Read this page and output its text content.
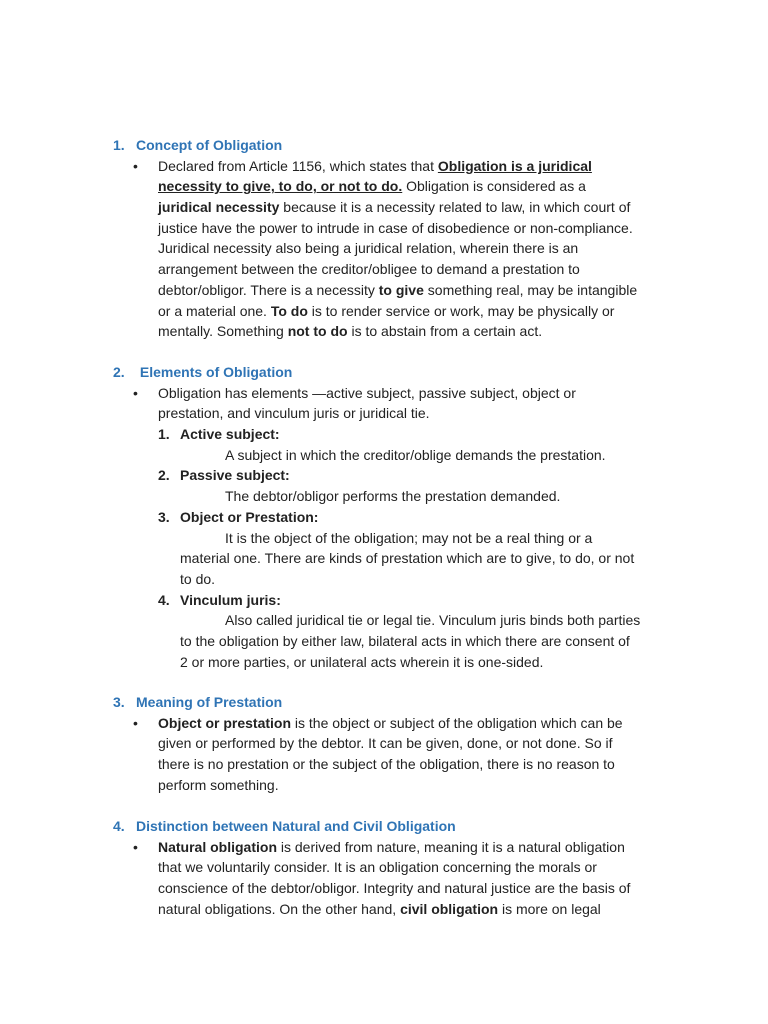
1. Concept of Obligation
• Declared from Article 1156, which states that Obligation is a juridical
necessity to give, to do, or not to do. Obligation is considered as a
juridical necessity because it is a necessity related to law, in which court of
justice have the power to intrude in case of disobedience or non-compliance.
Juridical necessity also being a juridical relation, wherein there is an
arrangement between the creditor/obligee to demand a prestation to
debtor/obligor. There is a necessity to give something real, may be intangible
or a material one. To do is to render service or work, may be physically or
mentally. Something not to do is to abstain from a certain act.
2. Elements of Obligation
• Obligation has elements —active subject, passive subject, object or
prestation, and vinculum juris or juridical tie.
1. Active subject:
A subject in which the creditor/oblige demands the prestation.
2. Passive subject:
The debtor/obligor performs the prestation demanded.
3. Object or Prestation:
It is the object of the obligation; may not be a real thing or a
material one. There are kinds of prestation which are to give, to do, or not
to do.
4. Vinculum juris:
Also called juridical tie or legal tie. Vinculum juris binds both parties
to the obligation by either law, bilateral acts in which there are consent of
2 or more parties, or unilateral acts wherein it is one-sided.
3. Meaning of Prestation
• Object or prestation is the object or subject of the obligation which can be
given or performed by the debtor. It can be given, done, or not done. So if
there is no prestation or the subject of the obligation, there is no reason to
perform something.
4. Distinction between Natural and Civil Obligation
• Natural obligation is derived from nature, meaning it is a natural obligation
that we voluntarily consider. It is an obligation concerning the morals or
conscience of the debtor/obligor. Integrity and natural justice are the basis of
natural obligations. On the other hand, civil obligation is more on legal
